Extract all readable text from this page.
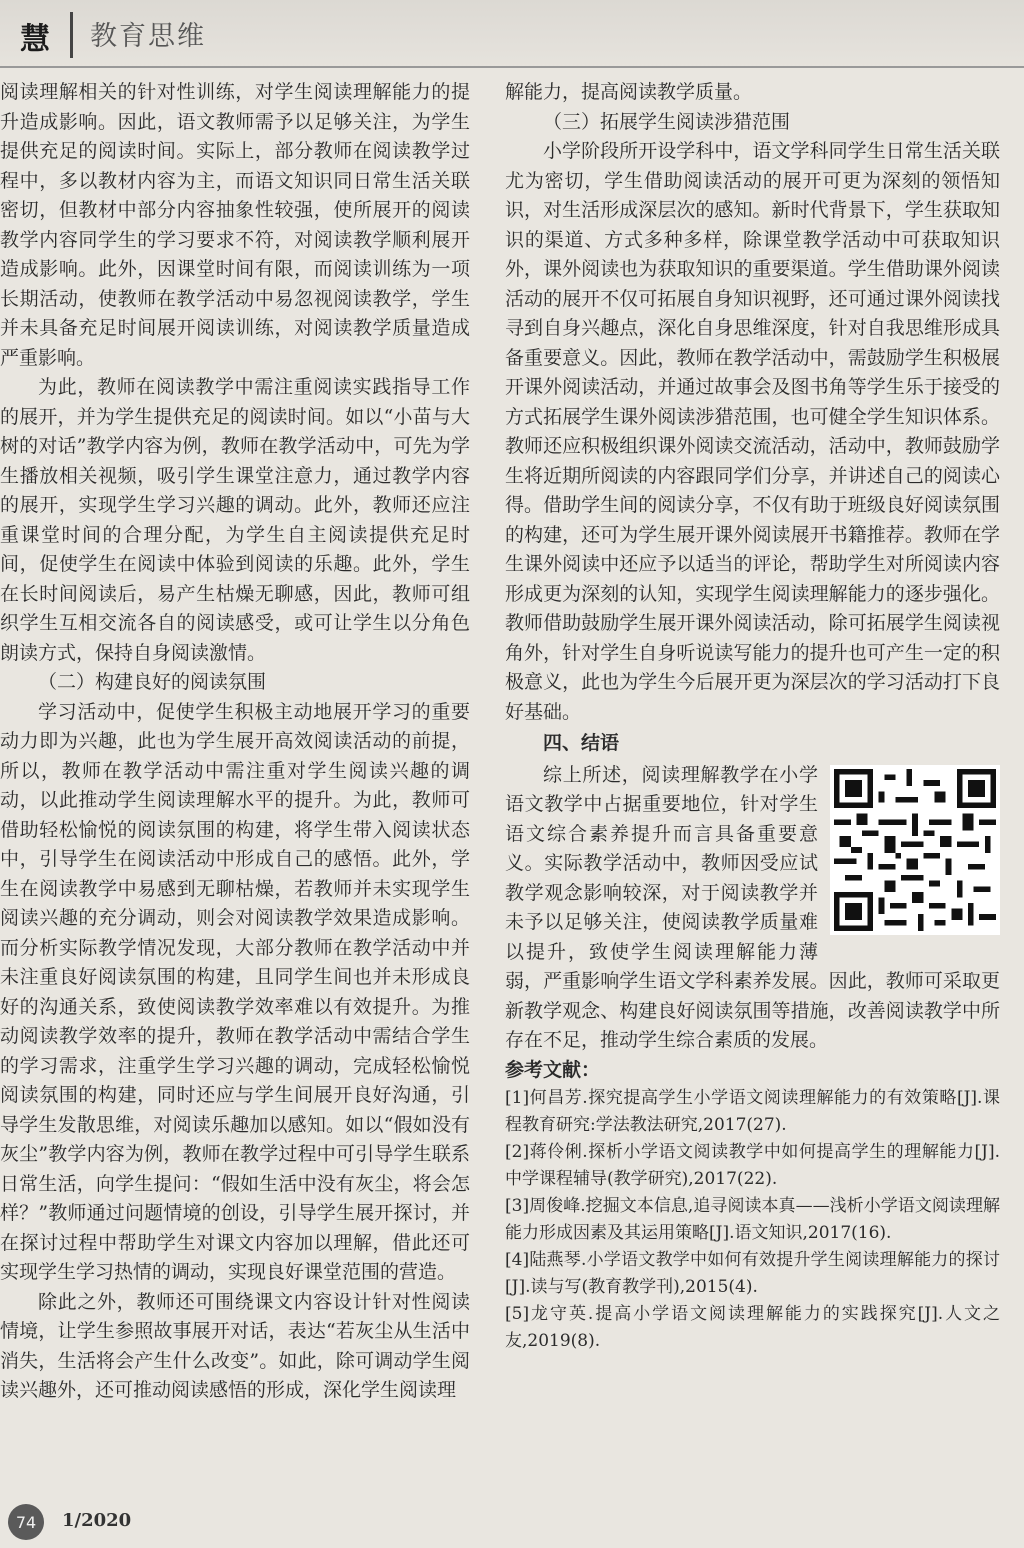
慧	教育思维

阅读理解相关的针对性训练，对学生阅读理解能力的提升造成影响。因此，语文教师需予以足够关注，为学生提供充足的阅读时间。实际上，部分教师在阅读教学过程中，多以教材内容为主，而语文知识同日常生活关联密切，但教材中部分内容抽象性较强，使所展开的阅读教学内容同学生的学习要求不符，对阅读教学顺利展开造成影响。此外，因课堂时间有限，而阅读训练为一项长期活动，使教师在教学活动中易忽视阅读教学，学生并未具备充足时间展开阅读训练，对阅读教学质量造成严重影响。

为此，教师在阅读教学中需注重阅读实践指导工作的展开，并为学生提供充足的阅读时间。如以“小苗与大树的对话”教学内容为例，教师在教学活动中，可先为学生播放相关视频，吸引学生课堂注意力，通过教学内容的展开，实现学生学习兴趣的调动。此外，教师还应注重课堂时间的合理分配，为学生自主阅读提供充足时间，促使学生在阅读中体验到阅读的乐趣。此外，学生在长时间阅读后，易产生枯燥无聊感，因此，教师可组织学生互相交流各自的阅读感受，或可让学生以分角色朗读方式，保持自身阅读激情。

（二）构建良好的阅读氛围

学习活动中，促使学生积极主动地展开学习的重要动力即为兴趣，此也为学生展开高效阅读活动的前提，所以，教师在教学活动中需注重对学生阅读兴趣的调动，以此推动学生阅读理解水平的提升。为此，教师可借助轻松愉悦的阅读氛围的构建，将学生带入阅读状态中，引导学生在阅读活动中形成自己的感悟。此外，学生在阅读教学中易感到无聊枯燥，若教师并未实现学生阅读兴趣的充分调动，则会对阅读教学效果造成影响。而分析实际教学情况发现，大部分教师在教学活动中并未注重良好阅读氛围的构建，且同学生间也并未形成良好的沟通关系，致使阅读教学效率难以有效提升。为推动阅读教学效率的提升，教师在教学活动中需结合学生的学习需求，注重学生学习兴趣的调动，完成轻松愉悦阅读氛围的构建，同时还应与学生间展开良好沟通，引导学生发散思维，对阅读乐趣加以感知。如以“假如没有灰尘”教学内容为例，教师在教学过程中可引导学生联系日常生活，向学生提问：“假如生活中没有灰尘，将会怎样？”教师通过问题情境的创设，引导学生展开探讨，并在探讨过程中帮助学生对课文内容加以理解，借此还可实现学生学习热情的调动，实现良好课堂范围的营造。

除此之外，教师还可围绕课文内容设计针对性阅读情境，让学生参照故事展开对话，表达“若灰尘从生活中消失，生活将会产生什么改变”。如此，除可调动学生阅读兴趣外，还可推动阅读感悟的形成，深化学生阅读理

解能力，提高阅读教学质量。

（三）拓展学生阅读涉猎范围

小学阶段所开设学科中，语文学科同学生日常生活关联尤为密切，学生借助阅读活动的展开可更为深刻的领悟知识，对生活形成深层次的感知。新时代背景下，学生获取知识的渠道、方式多种多样，除课堂教学活动中可获取知识外，课外阅读也为获取知识的重要渠道。学生借助课外阅读活动的展开不仅可拓展自身知识视野，还可通过课外阅读找寻到自身兴趣点，深化自身思维深度，针对自我思维形成具备重要意义。因此，教师在教学活动中，需鼓励学生积极展开课外阅读活动，并通过故事会及图书角等学生乐于接受的方式拓展学生课外阅读涉猎范围，也可健全学生知识体系。教师还应积极组织课外阅读交流活动，活动中，教师鼓励学生将近期所阅读的内容跟同学们分享，并讲述自己的阅读心得。借助学生间的阅读分享，不仅有助于班级良好阅读氛围的构建，还可为学生展开课外阅读展开书籍推荐。教师在学生课外阅读中还应予以适当的评论，帮助学生对所阅读内容形成更为深刻的认知，实现学生阅读理解能力的逐步强化。教师借助鼓励学生展开课外阅读活动，除可拓展学生阅读视角外，针对学生自身听说读写能力的提升也可产生一定的积极意义，此也为学生今后展开更为深层次的学习活动打下良好基础。

四、结语

综上所述，阅读理解教学在小学语文教学中占据重要地位，针对学生语文综合素养提升而言具备重要意义。实际教学活动中，教师因受应试教学观念影响较深，对于阅读教学并未予以足够关注，使阅读教学质量难以提升，致使学生阅读理解能力薄弱，严重影响学生语文学科素养发展。因此，教师可采取更新教学观念、构建良好阅读氛围等措施，改善阅读教学中所存在不足，推动学生综合素质的发展。

参考文献：

[1]何昌芳.探究提高学生小学语文阅读理解能力的有效策略[J].课程教育研究:学法教法研究,2017(27).

[2]蒋伶俐.探析小学语文阅读教学中如何提高学生的理解能力[J].中学课程辅导(教学研究),2017(22).

[3]周俊峰.挖掘文本信息,追寻阅读本真——浅析小学语文阅读理解能力形成因素及其运用策略[J].语文知识,2017(16).

[4]陆燕琴.小学语文教学中如何有效提升学生阅读理解能力的探讨[J].读与写(教育教学刊),2015(4).

[5]龙守英.提高小学语文阅读理解能力的实践探究[J].人文之友,2019(8).

74	1/2020
